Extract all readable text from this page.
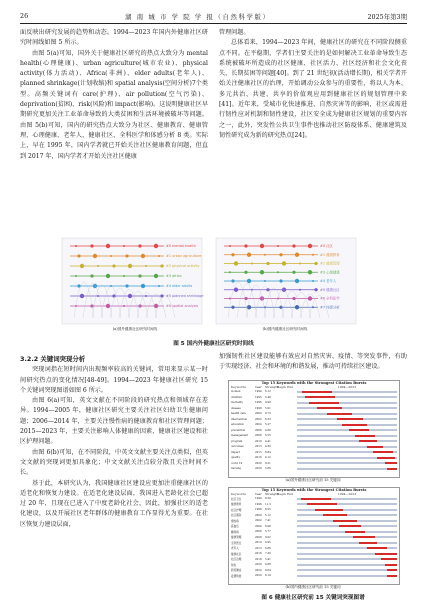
26	湖 南 城 市 学 院 学 报（自然科学版）	2025年第3期

面反映出研究发展的趋势和动态。1994—2023 年国内外健康社区研究时间线如图 5 所示。

由图 5(a)可知，国外关于健康社区研究的热点大致分为 mental health(心理健康)、urban agriculture(城市农业)、physical activity(体力活动)、Africa(非洲)、elder adults(老年人)、planned shrinkage(计划收缩)和 spatial analysis(空间分析)7个类型。高频关键词有 care(护理)、air pollution(空气污染)、deprivation(贫困)、risk(风险)和 impact(影响)。这说明健康社区早期研究更加关注工业革命导致的大类贫困和生活环境被破坏等问题。由图 5(b)可知，国内的研究热点大致分为社区、健康教育、健康管理、心理健康、老年人、健康社区、全科医学和体感分析 8 类。实际上，早在 1995 年，国内学者就已开始关注社区健康教育问题，但直到 2017 年，国内学者才开始关注社区健康

管理问题。

总体看来，1994—2023 年间，健康社区的研究在不同阶段侧重点不同。在平稳期，学者们主要关注的是如何解决工业革命导致生态系统被破坏所造成的社区健康、社区活力、社区经济和社会文化丧失、长期贫困等问题[40]。到了 21 世纪初(活动增长期)，相关学者开始关注健康社区的治理，开始调动公众参与的重要性，将以人为本、多元共治、共建、共享的价值观应用到健康社区的规划管理中来[41]。近年来，受城市化快速推进、自然灾害等的影响，社区或需进行韧性应对机制和韧性建设，社区安全成为健康社区规划的重要内容之一，此外，突发性公共卫生事件也推动社区防疫体系、健康建筑及韧性研究成为新的研究热点[24]。

#0 mental health
#1 urban agriculture
#2 physical activity
#3 africa
#4 elder adults
#5 planned shrinkage
#6 spatial analysis
#0 社区
#1 健康教育
#2 健康管理
#3 心理健康
#4 老年人
#5 健康社区
#6 全科医学
#7 体感分析
(a)国外健康社区研究时间线	(b)国内健康社区研究时间线
图 5 国内外健康社区研究时间线
3.2.2 关键词突现分析

突现词指在短时间内出现频率较高的关键词，常用来显示某一时间研究热点的变化情况[48-49]。1994—2023 年健康社区研究 15 个关键词突现图谱如图 6 所示。

由图 6(a)可知，英文文献在不同阶段的研究热点和领域存在差异。1994—2005 年，健康社区研究主要关注社区妇幼卫生健康问题；2006—2014 年，主要关注慢性病的健康教育和社区管理问题；2015—2023 年，主要关注影响人体健康的因素，健康社区建设和社区护理问题。

由图 6(b)可知，在不同阶段，中英文文献主要关注点类似，但英文文献的突现词更加具象化；中文文献关注点较分散且关注时间不长。

基于此，本研究认为，我国健康社区建设应更加注重健康社区的适老化和恢复力建设。在适老化建设层面，我国进入老龄化社会已超过 20 年，且现在已进入了中度老龄化社会，因此，加强社区的适老化建设，以及开展社区老年群体的健康教育工作显得尤为重要。在社区恢复力建设层面，

加强韧性社区建设能够有效应对自然灾害、疫情、等突发事件，有助于实现经济、社会和环境的和谐发展，推动可持续社区建设。

Top 15 Keywords with the Strongest Citation Bursts
Keywords	Year	Strength
Begin End	1994—2023
women	1994	6.12
children	1995	5.48
mortality	1996	4.90
disease	1998	5.01
health care	2000	4.73
intervention	2002	6.33
education	2004	5.27
prevention	2006	4.66
management	2008	5.55
program	2010	4.41
outcomes	2013	4.30
impact	2015	6.84
quality	2016	4.12
covid 19	2020	9.21
nursing	2020	5.66
(a)国外健康社区研究前 15 关键词
Top 15 Keywords with the Strongest Citation Bursts
Keywords	Year	Strength
Begin End	1994—2023
社区卫生	1994	8.20
健康教育	1996	11.3
社区护理	1998	6.55
社区服务	2000	5.12
慢性病	2002	7.41
高血压	2004	6.08
糖尿病	2006	5.77
健康管理	2008	9.02
全科医生	2010	4.95
老年人	2013	6.86
健康社区	2016	7.30
社区治理	2018	5.41
韧性	2020	4.88
新冠肺炎	2020	8.64
疫情防控	2020	6.19
(b)国内健康社区研究前 15 关键词
图 6 健康社区研究前 15 关键词突现图谱
